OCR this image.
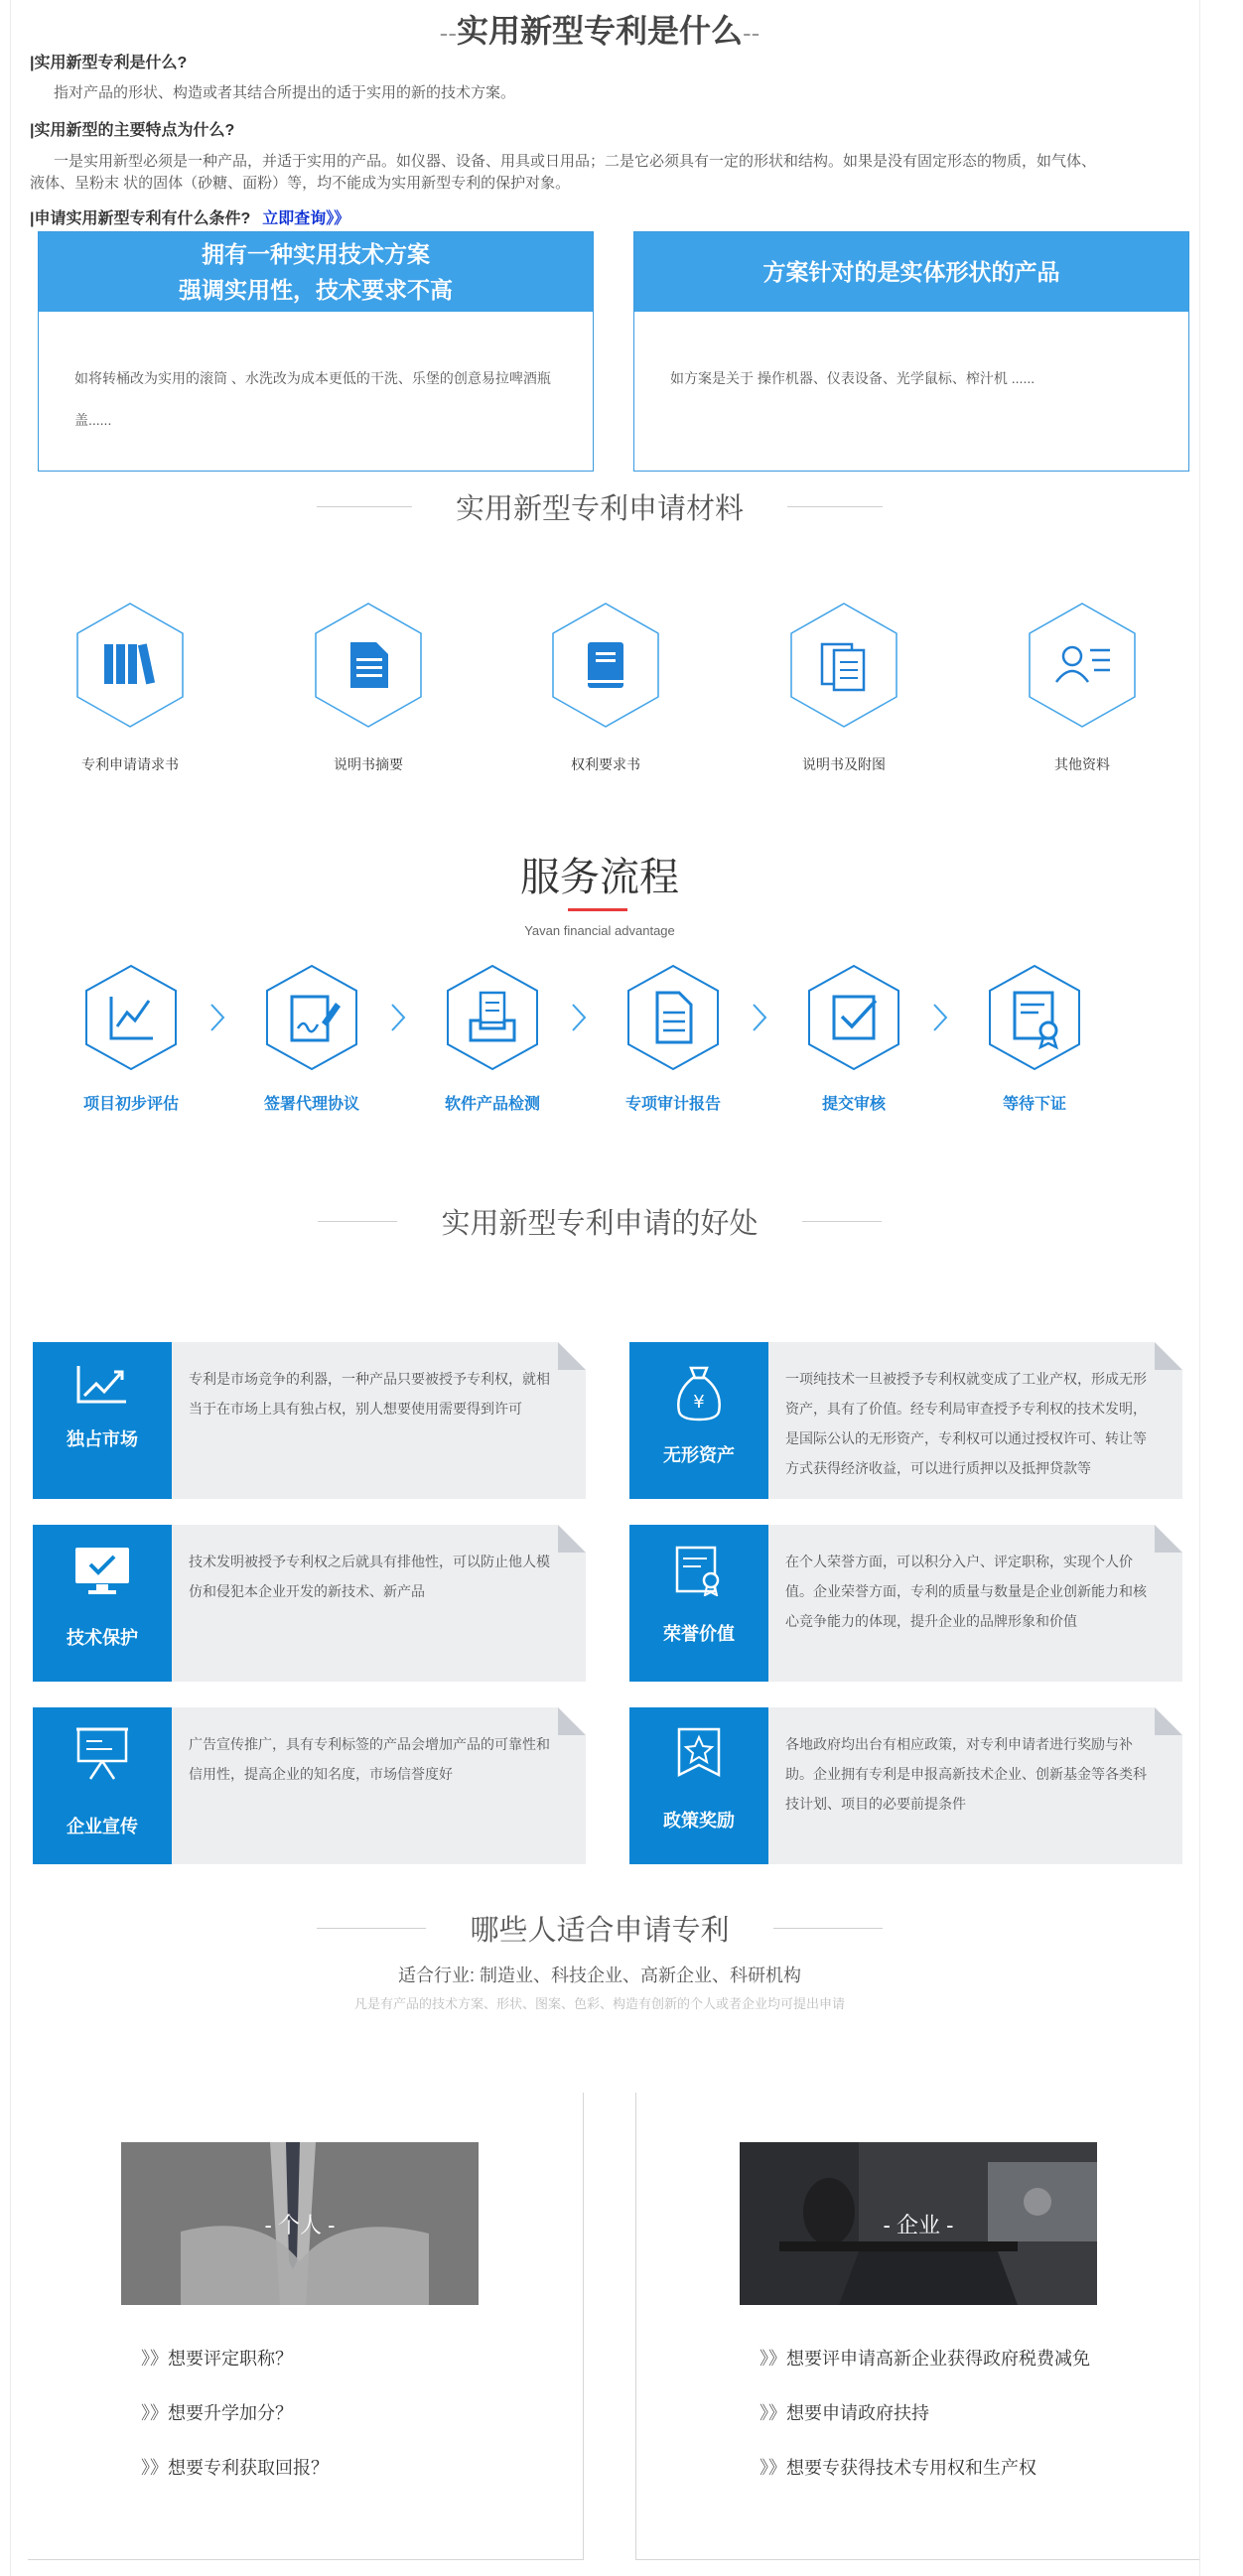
--实用新型专利是什么--
|实用新型专利是什么?
指对产品的形状、构造或者其结合所提出的适于实用的新的技术方案。
|实用新型的主要特点为什么?
一是实用新型必须是一种产品，并适于实用的产品。如仪器、设备、用具或日用品；二是它必须具有一定的形状和结构。如果是没有固定形态的物质，如气体、
液体、呈粉末 状的固体（砂糖、面粉）等，均不能成为实用新型专利的保护对象。
|申请实用新型专利有什么条件? 立即查询》》
拥有一种实用技术方案
强调实用性，技术要求不高
如将转桶改为实用的滚筒 、水洗改为成本更低的干洗、乐堡的创意易拉啤酒瓶盖......
方案针对的是实体形状的产品
如方案是关于 操作机器、仪表设备、光学鼠标、榨汁机 ......
实用新型专利申请材料
专利申请请求书	说明书摘要	权利要求书	说明书及附图	其他资料
服务流程
Yavan financial advantage
项目初步评估	签署代理协议	软件产品检测	专项审计报告	提交审核	等待下证
实用新型专利申请的好处
独占市场
专利是市场竞争的利器，一种产品只要被授予专利权，就相当于在市场上具有独占权，别人想要使用需要得到许可	¥
无形资产
一项纯技术一旦被授予专利权就变成了工业产权，形成无形资产，具有了价值。经专利局审查授予专利权的技术发明，是国际公认的无形资产，专利权可以通过授权许可、转让等方式获得经济收益，可以进行质押以及抵押贷款等
技术保护
技术发明被授予专利权之后就具有排他性，可以防止他人模仿和侵犯本企业开发的新技术、新产品
荣誉价值
在个人荣誉方面，可以积分入户、评定职称，实现个人价值。企业荣誉方面，专利的质量与数量是企业创新能力和核心竞争能力的体现，提升企业的品牌形象和价值
企业宣传
广告宣传推广，具有专利标签的产品会增加产品的可靠性和信用性，提高企业的知名度，市场信誉度好
政策奖励
各地政府均出台有相应政策，对专利申请者进行奖励与补助。企业拥有专利是申报高新技术企业、创新基金等各类科技计划、项目的必要前提条件
哪些人适合申请专利
适合行业: 制造业、科技企业、高新企业、科研机构
凡是有产品的技术方案、形状、图案、色彩、构造有创新的个人或者企业均可提出申请
- 个人 -	- 企业 -
》》想要评定职称？
》》想要升学加分？
》》想要专利获取回报？
》》想要评申请高新企业获得政府税费减免
》》想要申请政府扶持
》》想要专获得技术专用权和生产权
